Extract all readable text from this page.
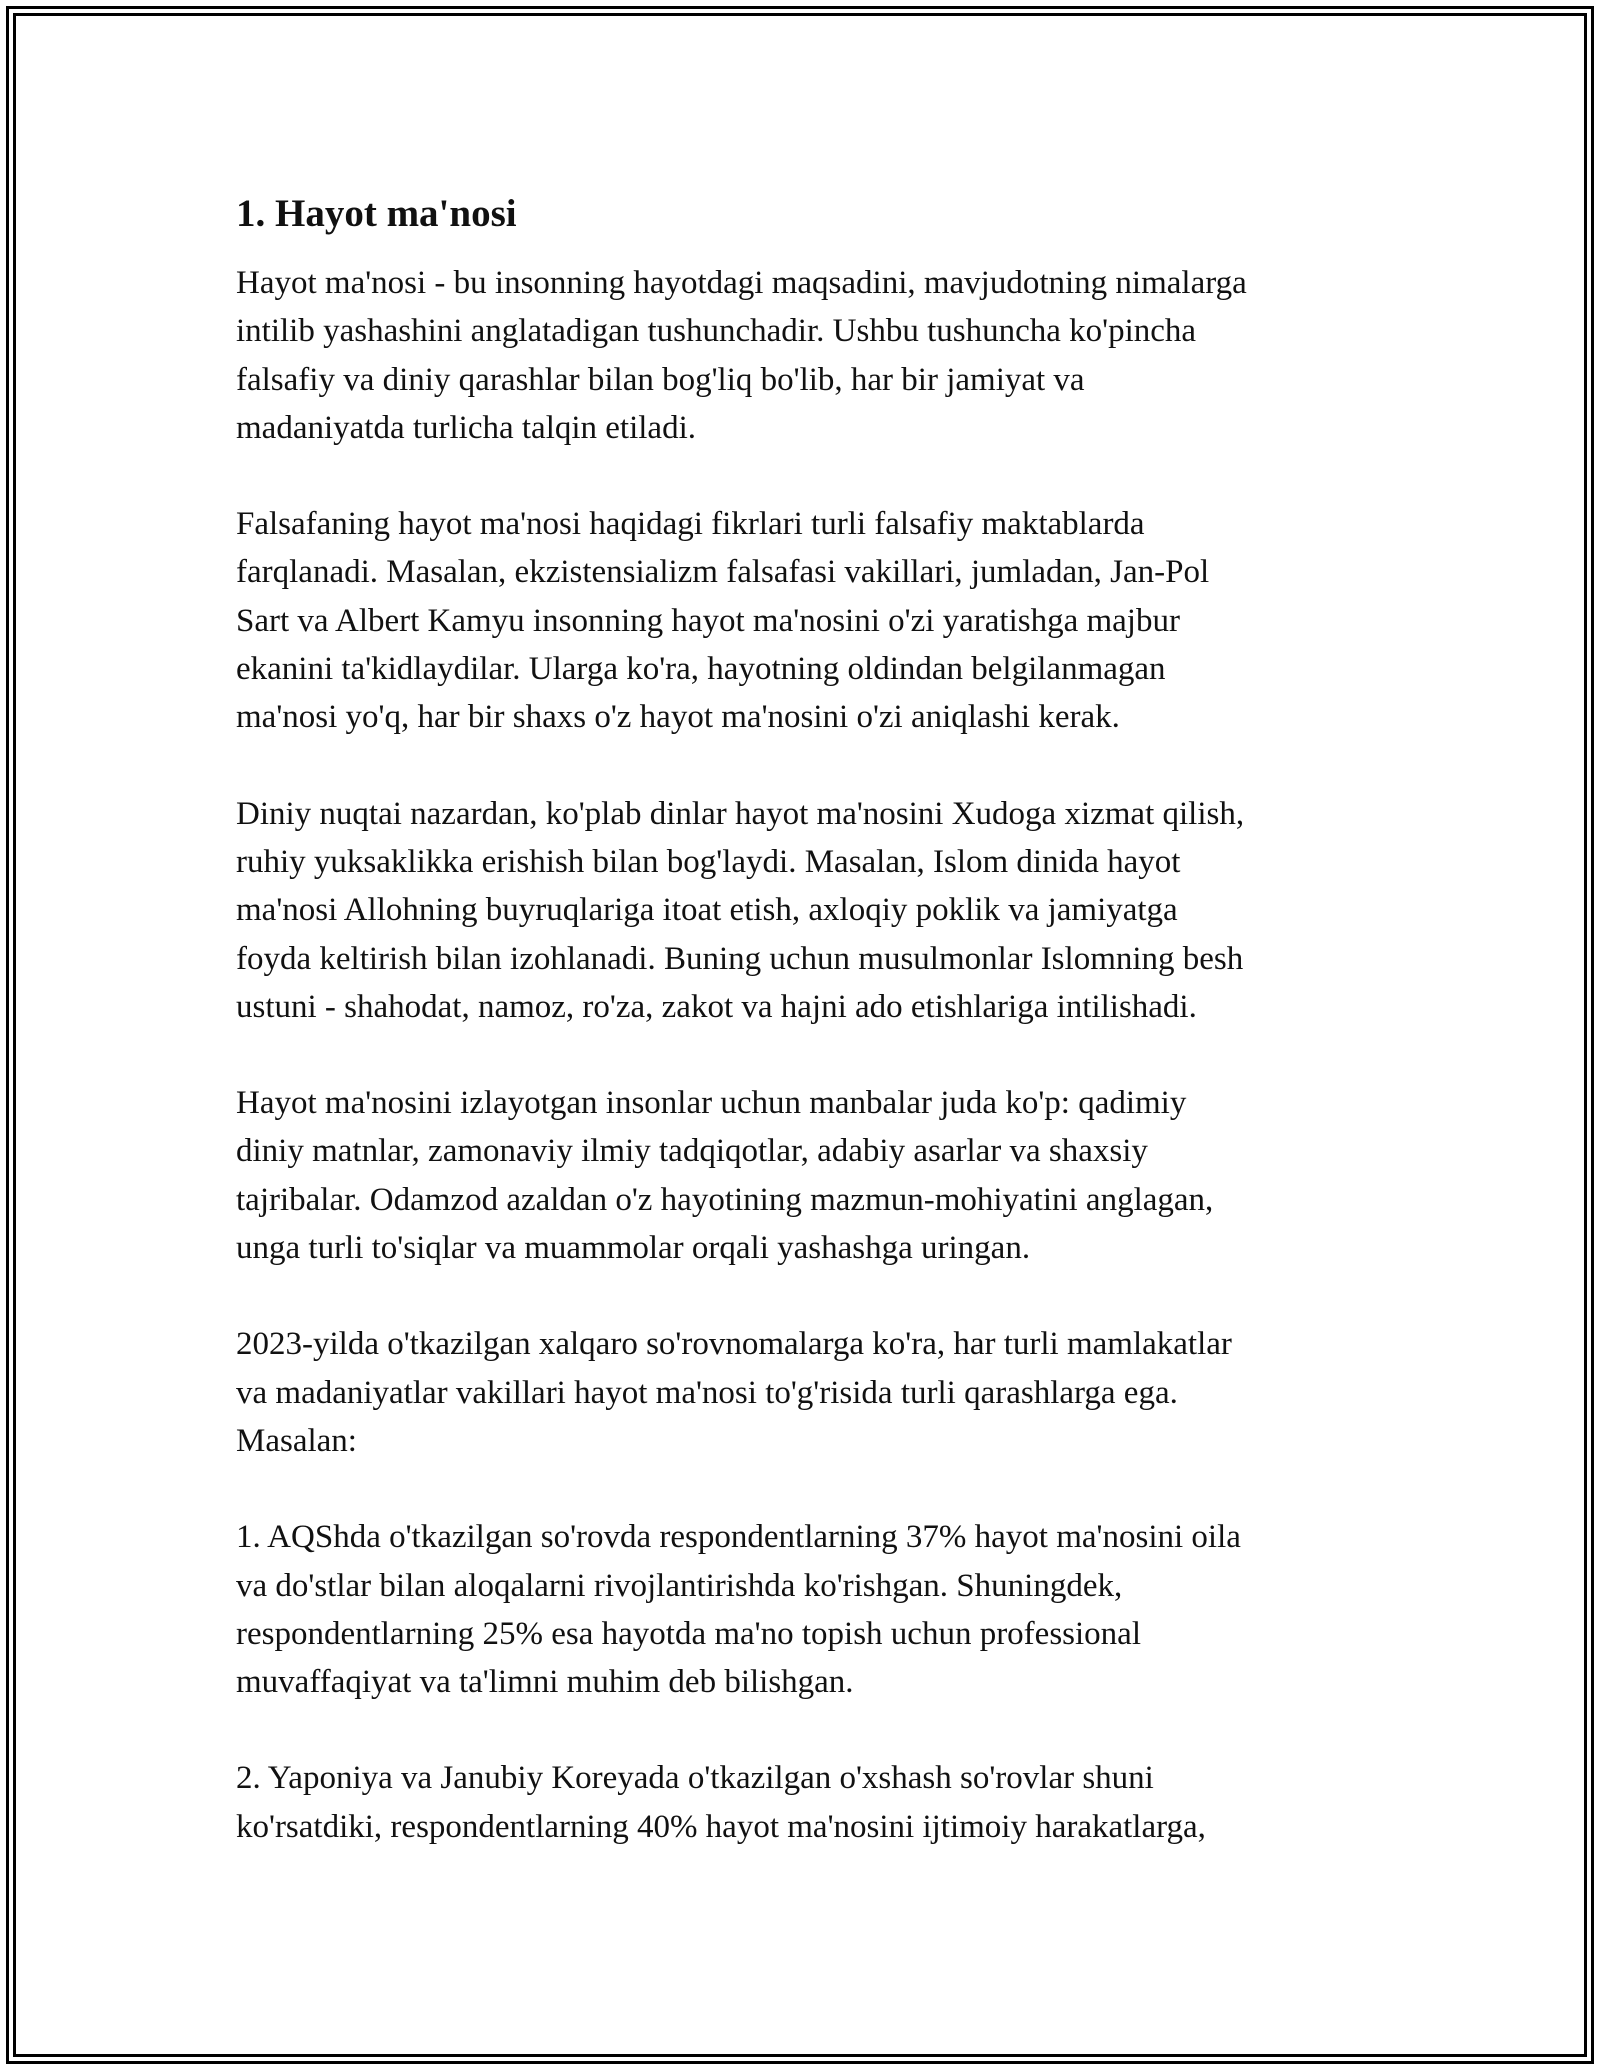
1. Hayot ma'nosi

Hayot ma'nosi - bu insonning hayotdagi maqsadini, mavjudotning nimalarga
intilib yashashini anglatadigan tushunchadir. Ushbu tushuncha ko'pincha
falsafiy va diniy qarashlar bilan bog'liq bo'lib, har bir jamiyat va
madaniyatda turlicha talqin etiladi.

Falsafaning hayot ma'nosi haqidagi fikrlari turli falsafiy maktablarda
farqlanadi. Masalan, ekzistensializm falsafasi vakillari, jumladan, Jan-Pol
Sart va Albert Kamyu insonning hayot ma'nosini o'zi yaratishga majbur
ekanini ta'kidlaydilar. Ularga ko'ra, hayotning oldindan belgilanmagan
ma'nosi yo'q, har bir shaxs o'z hayot ma'nosini o'zi aniqlashi kerak.

Diniy nuqtai nazardan, ko'plab dinlar hayot ma'nosini Xudoga xizmat qilish,
ruhiy yuksaklikka erishish bilan bog'laydi. Masalan, Islom dinida hayot
ma'nosi Allohning buyruqlariga itoat etish, axloqiy poklik va jamiyatga
foyda keltirish bilan izohlanadi. Buning uchun musulmonlar Islomning besh
ustuni - shahodat, namoz, ro'za, zakot va hajni ado etishlariga intilishadi.

Hayot ma'nosini izlayotgan insonlar uchun manbalar juda ko'p: qadimiy
diniy matnlar, zamonaviy ilmiy tadqiqotlar, adabiy asarlar va shaxsiy
tajribalar. Odamzod azaldan o'z hayotining mazmun-mohiyatini anglagan,
unga turli to'siqlar va muammolar orqali yashashga uringan.

2023-yilda o'tkazilgan xalqaro so'rovnomalarga ko'ra, har turli mamlakatlar
va madaniyatlar vakillari hayot ma'nosi to'g'risida turli qarashlarga ega.
Masalan:

1. AQShda o'tkazilgan so'rovda respondentlarning 37% hayot ma'nosini oila
va do'stlar bilan aloqalarni rivojlantirishda ko'rishgan. Shuningdek,
respondentlarning 25% esa hayotda ma'no topish uchun professional
muvaffaqiyat va ta'limni muhim deb bilishgan.

2. Yaponiya va Janubiy Koreyada o'tkazilgan o'xshash so'rovlar shuni
ko'rsatdiki, respondentlarning 40% hayot ma'nosini ijtimoiy harakatlarga,
